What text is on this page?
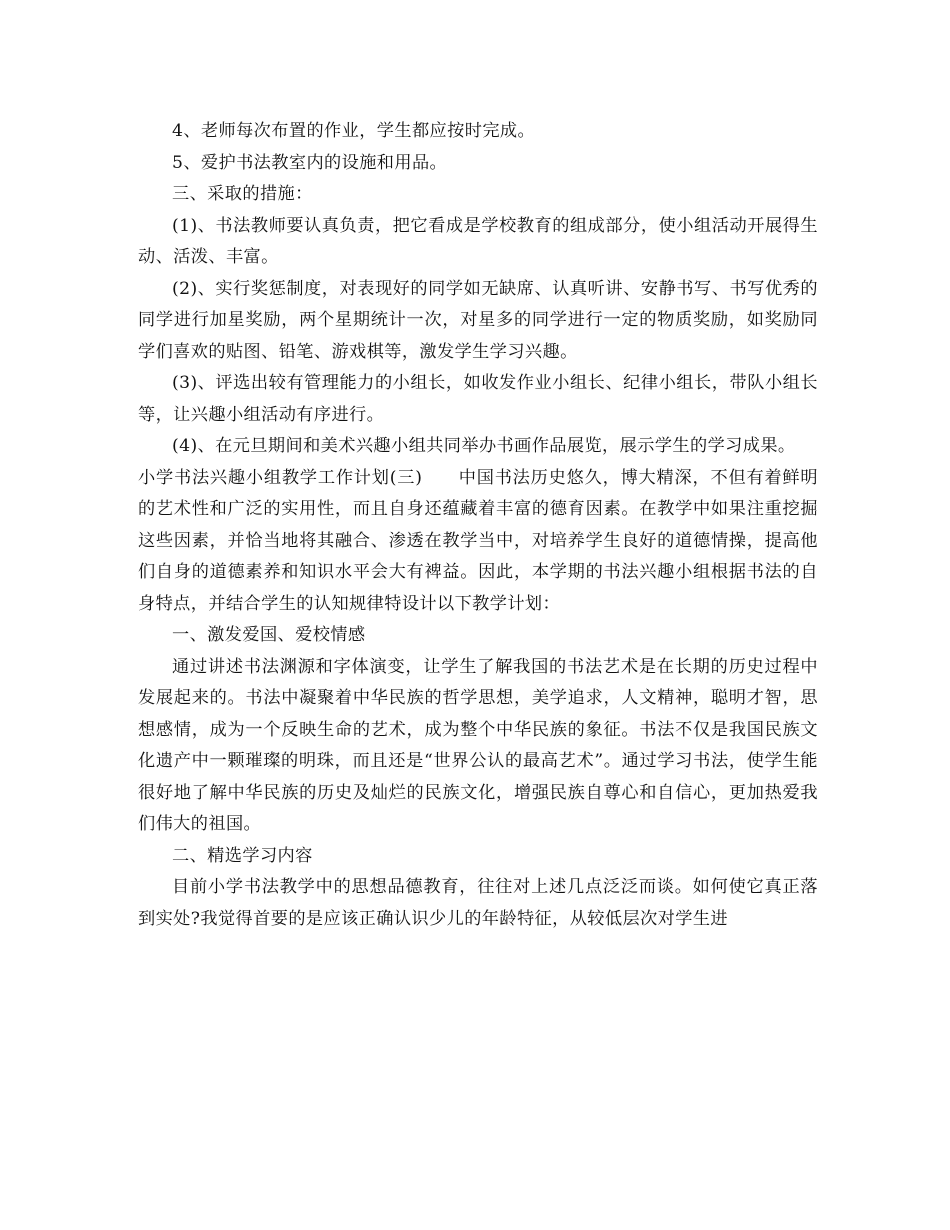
4、老师每次布置的作业，学生都应按时完成。

5、爱护书法教室内的设施和用品。

三、采取的措施：

(1)、书法教师要认真负责，把它看成是学校教育的组成部分，使小组活动开展得生动、活泼、丰富。

(2)、实行奖惩制度，对表现好的同学如无缺席、认真听讲、安静书写、书写优秀的同学进行加星奖励，两个星期统计一次，对星多的同学进行一定的物质奖励，如奖励同学们喜欢的贴图、铅笔、游戏棋等，激发学生学习兴趣。

(3)、评选出较有管理能力的小组长，如收发作业小组长、纪律小组长，带队小组长等，让兴趣小组活动有序进行。

(4)、在元旦期间和美术兴趣小组共同举办书画作品展览，展示学生的学习成果。

小学书法兴趣小组教学工作计划(三)　　中国书法历史悠久，博大精深，不但有着鲜明的艺术性和广泛的实用性，而且自身还蕴藏着丰富的德育因素。在教学中如果注重挖掘这些因素，并恰当地将其融合、渗透在教学当中，对培养学生良好的道德情操，提高他们自身的道德素养和知识水平会大有裨益。因此，本学期的书法兴趣小组根据书法的自身特点，并结合学生的认知规律特设计以下教学计划：

一、激发爱国、爱校情感

通过讲述书法渊源和字体演变，让学生了解我国的书法艺术是在长期的历史过程中发展起来的。书法中凝聚着中华民族的哲学思想，美学追求，人文精神，聪明才智，思想感情，成为一个反映生命的艺术，成为整个中华民族的象征。书法不仅是我国民族文化遗产中一颗璀璨的明珠，而且还是“世界公认的最高艺术”。通过学习书法，使学生能很好地了解中华民族的历史及灿烂的民族文化，增强民族自尊心和自信心，更加热爱我们伟大的祖国。

二、精选学习内容

目前小学书法教学中的思想品德教育，往往对上述几点泛泛而谈。如何使它真正落到实处?我觉得首要的是应该正确认识少儿的年龄特征，从较低层次对学生进
